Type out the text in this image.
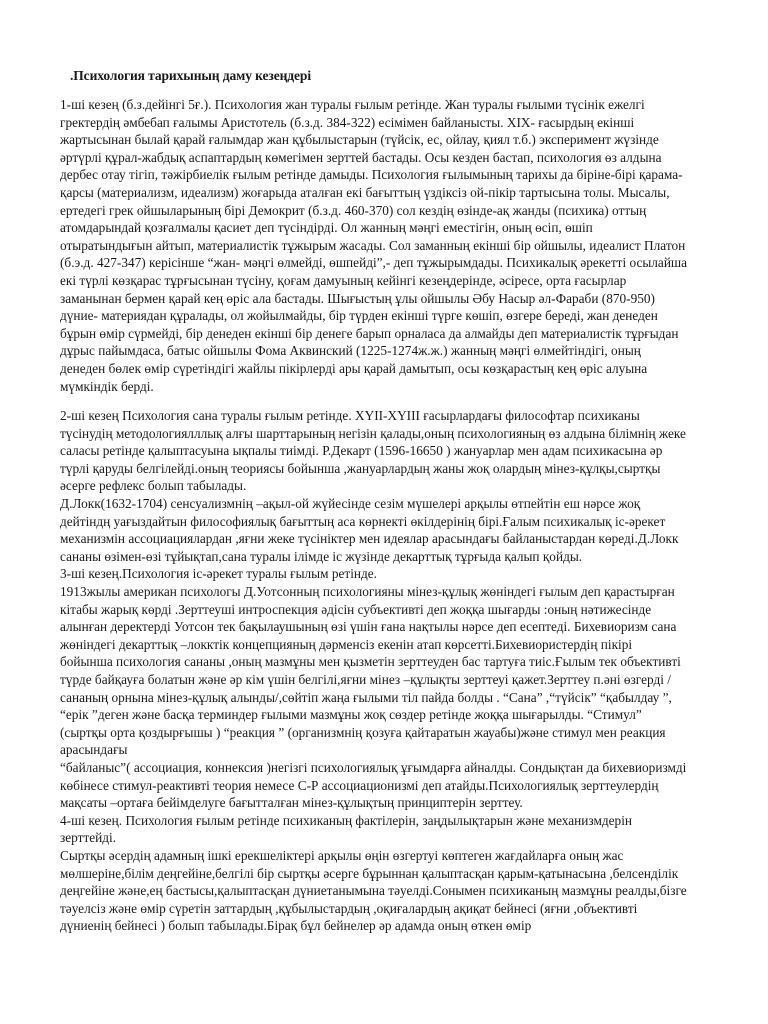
.Психология тарихының даму кезеңдері

1-ші кезең (б.з.дейінгі 5ғ.). Психология жан туралы ғылым ретінде. Жан туралы ғылыми түсінік ежелгі гректердің әмбебап ғалымы Аристотель (б.з.д. 384-322) есімімен байланысты. XIX- ғасырдың екінші жартысынан былай қарай ғалымдар жан құбылыстарын (түйсік, ес, ойлау, қиял т.б.) эксперимент жүзінде әртүрлі құрал-жабдық аспаптардың көмегімен зерттей бастады. Осы кезден бастап, психология өз алдына дербес отау тігіп, тәжірбиелік ғылым ретінде дамыды. Психология ғылымының тарихы да біріне-бірі қарама-қарсы (материализм, идеализм) жоғарыда аталған екі бағыттың үздіксіз ой-пікір тартысына толы. Мысалы, ертедегі грек ойшыларының бірі Демокрит (б.з.д. 460-370) сол кездің өзінде-ақ жанды (психика) оттың атомдарындай қозғалмалы қасиет деп түсіндірді. Ол жанның мәңгі еместігін, оның өсіп, өшіп отыратындығын айтып, материалистік тұжырым жасады. Сол заманның екінші бір ойшылы, идеалист Платон (б.э.д. 427-347) керісінше “жан- мәңгі өлмейді, өшпейді”,- деп тұжырымдады. Психикалық әрекетті осылайша екі түрлі көзқарас тұрғысынан түсіну, қоғам дамуының кейінгі кезеңдерінде, әсіресе, орта ғасырлар заманынан бермен қарай кең өріс ала бастады. Шығыстың ұлы ойшылы Әбу Насыр әл-Фараби (870-950) дүние- материядан құралады, ол жойылмайды, бір түрден екінші түрге көшіп, өзгере береді, жан денеден бұрын өмір сүрмейді, бір денеден екінші бір денеге барып орналаса да алмайды деп материалистік тұрғыдан дұрыс пайымдаса, батыс ойшылы Фома Аквинский (1225-1274ж.ж.) жанның мәңгі өлмейтіндігі, оның денеден бөлек өмір сүретіндігі жайлы пікірлерді ары қарай дамытып, осы көзқарастың кең өріс алуына мүмкіндік берді.

2-ші кезең Психология сана туралы ғылым ретінде. XYII-XYIII ғасырлардағы философтар психиканы түсінудің методологиялллық алғы шарттарының негізін қалады,оның психологияның өз алдына білімнің жеке саласы ретінде қалыптасуына ықпалы тиімді. Р.Декарт (1596-16650 ) жануарлар мен адам психикасына әр түрлі қаруды белгілейді.оның теориясы бойынша ,жануарлардың жаны жоқ олардың мінез-құлқы,сыртқы әсерге рефлекс болып табылады.

Д.Локк(1632-1704) сенсуализмнің –ақыл-ой жүйесінде сезім мүшелері арқылы өтпейтін еш нәрсе жоқ дейтіндң уағыздайтын философиялық бағыттың аса көрнекті өкілдерінің бірі.Ғалым психикалық іс-әрекет механизмін ассоциациялардан ,яғни жеке түсініктер мен идеялар арасындағы байланыстардан көреді.Д.Локк сананы өзімен-өзі тұйықтап,сана туралы ілімде іс жүзінде декарттық тұрғыда қалып қойды.

3-ші кезең.Психология іс-әрекет туралы ғылым ретінде.

1913жылы американ психологы Д.Уотсонның психологияны мінез-құлық жөніндегі ғылым деп қарастырған кітабы жарық көрді .Зерттеуші интроспекция әдісін субъективті деп жоққа шығарды :оның нәтижесінде алынған деректерді Уотсон тек бақылаушының өзі үшін ғана нақтылы нәрсе деп есептеді. Бихевиоризм сана жөніндегі декарттық –локктік концепцияның дәрменсіз екенін атап көрсетті.Бихевиористердің пікірі бойынша психология сананы ,оның мазмұны мен қызметін зерттеуден бас тартуға тиіс.Ғылым тек объективті түрде байқауға болатын және әр кім үшін белгілі,яғни мінез –құлықты зерттеуі қажет.Зерттеу п.әні өзгерді /сананың орнына мінез-құлық алынды/,сөйтіп жаңа ғылыми тіл пайда болды . “Сана” ,“түйсік” “қабылдау ”, “ерік ”деген және басқа терминдер ғылыми мазмұны жоқ сөздер ретінде жоққа шығарылды. “Стимул” (сыртқы орта қоздырғышы ) “реакция ” (организмнің қозуға қайтаратын жауабы)және стимул мен реакция арасындағы

“байланыс”( ассоциация, коннексия )негізгі психологиялық ұғымдарға айналды. Сондықтан да бихевиоризмді көбінесе стимул-реактивті теория немесе С-Р ассоциационизмі деп атайды.Психологиялық зерттеулердің мақсаты –ортаға бейімделуге бағытталған мінез-құлықтың принциптерін зерттеу.

4-ші кезең. Психология ғылым ретінде психиканың фактілерін, заңдылықтарын және механизмдерін зерттейді.

Сыртқы әсердің адамның ішкі ерекшеліктері арқылы өңін өзгертуі көптеген жағдайларға оның жас мөлшеріне,білім деңгейіне,белгілі бір сыртқы әсерге бұрыннан қалыптасқан қарым-қатынасына ,белсенділік деңгейіне және,ең бастысы,қалыптасқан дүниетанымына тәуелді.Сонымен психиканың мазмұны реалды,бізге тәуелсіз және өмір сүретін заттардың ,құбылыстардың ,оқиғалардың ақиқат бейнесі (яғни ,объективті дүниенің бейнесі ) болып табылады.Бірақ бұл бейнелер әр адамда оның өткен өмір
